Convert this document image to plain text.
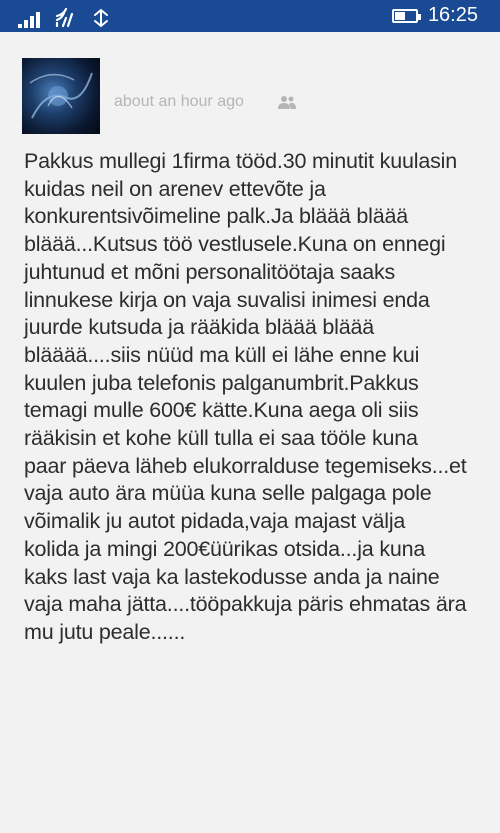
16:25
about an hour ago
Pakkus mullegi 1firma tööd.30 minutit kuulasin
kuidas neil on arenev ettevõte ja
konkurentsivõimeline palk.Ja bläää bläää
bläää...Kutsus töö vestlusele.Kuna on ennegi
juhtunud et mõni personalitöötaja saaks
linnukese kirja on vaja suvalisi inimesi enda
juurde kutsuda ja rääkida bläää bläää
blääää....siis nüüd ma küll ei lähe enne kui
kuulen juba telefonis palganumbrit.Pakkus
temagi mulle 600€ kätte.Kuna aega oli siis
rääkisin et kohe küll tulla ei saa tööle kuna
paar päeva läheb elukorralduse tegemiseks...et
vaja auto ära müüa kuna selle palgaga pole
võimalik ju autot pidada,vaja majast välja
kolida ja mingi 200€üürikas otsida...ja kuna
kaks last vaja ka lastekodusse anda ja naine
vaja maha jätta....tööpakkuja päris ehmatas ära
mu jutu peale......
